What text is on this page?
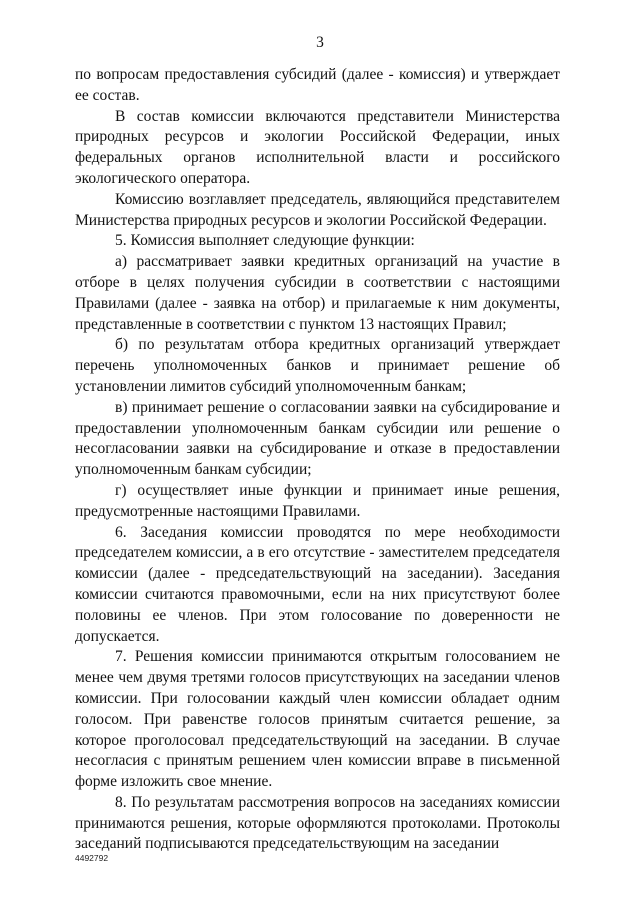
3

по вопросам предоставления субсидий (далее - комиссия) и утверждает ее состав.

В состав комиссии включаются представители Министерства природных ресурсов и экологии Российской Федерации, иных федеральных органов исполнительной власти и российского экологического оператора.

Комиссию возглавляет председатель, являющийся представителем Министерства природных ресурсов и экологии Российской Федерации.

5. Комиссия выполняет следующие функции:

а) рассматривает заявки кредитных организаций на участие в отборе в целях получения субсидии в соответствии с настоящими Правилами (далее - заявка на отбор) и прилагаемые к ним документы, представленные в соответствии с пунктом 13 настоящих Правил;

б) по результатам отбора кредитных организаций утверждает перечень уполномоченных банков и принимает решение об установлении лимитов субсидий уполномоченным банкам;

в) принимает решение о согласовании заявки на субсидирование и предоставлении уполномоченным банкам субсидии или решение о несогласовании заявки на субсидирование и отказе в предоставлении уполномоченным банкам субсидии;

г) осуществляет иные функции и принимает иные решения, предусмотренные настоящими Правилами.

6. Заседания комиссии проводятся по мере необходимости председателем комиссии, а в его отсутствие - заместителем председателя комиссии (далее - председательствующий на заседании). Заседания комиссии считаются правомочными, если на них присутствуют более половины ее членов. При этом голосование по доверенности не допускается.

7. Решения комиссии принимаются открытым голосованием не менее чем двумя третями голосов присутствующих на заседании членов комиссии. При голосовании каждый член комиссии обладает одним голосом. При равенстве голосов принятым считается решение, за которое проголосовал председательствующий на заседании. В случае несогласия с принятым решением член комиссии вправе в письменной форме изложить свое мнение.

8. По результатам рассмотрения вопросов на заседаниях комиссии принимаются решения, которые оформляются протоколами. Протоколы заседаний подписываются председательствующим на заседании

4492792
